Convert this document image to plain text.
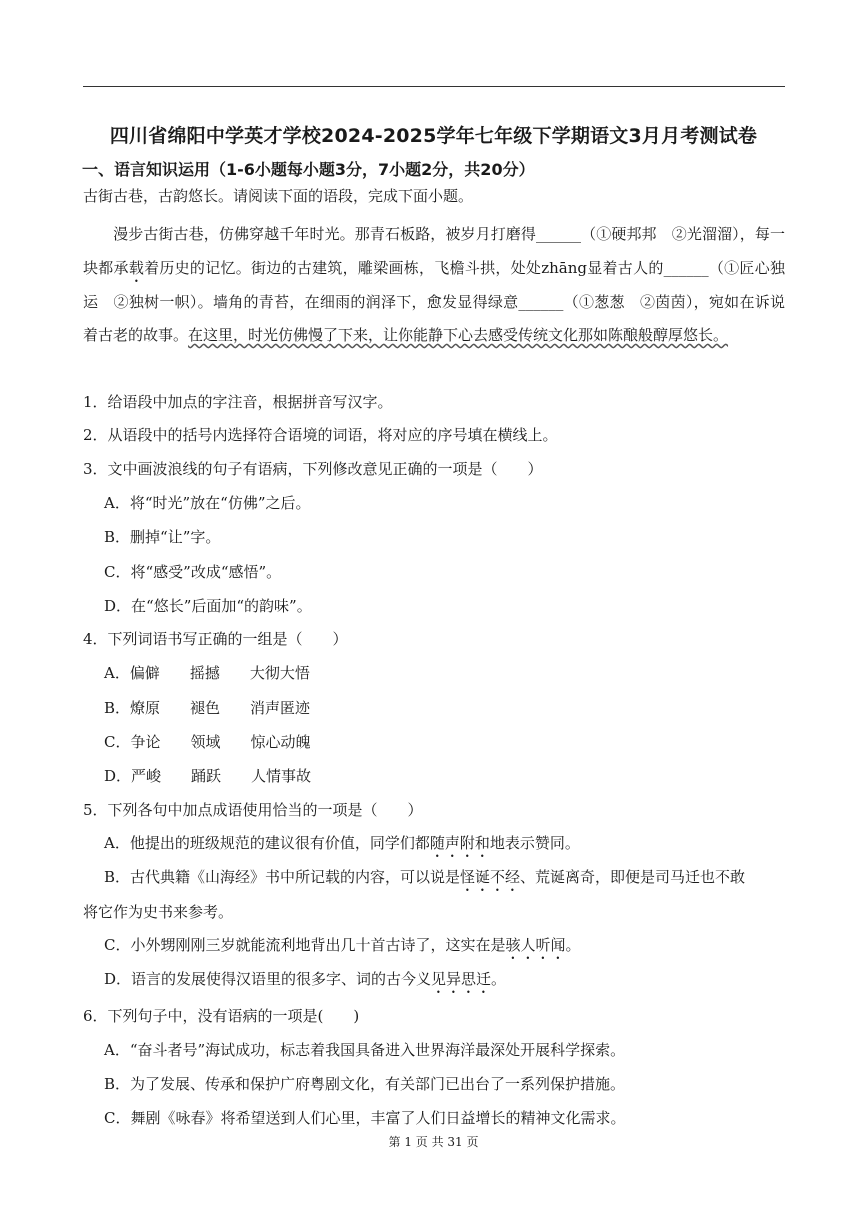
四川省绵阳中学英才学校2024-2025学年七年级下学期语文3月月考测试卷
一、语言知识运用（1-6小题每小题3分，7小题2分，共20分）
古街古巷，古韵悠长。请阅读下面的语段，完成下面小题。
漫步古街古巷，仿佛穿越千年时光。那青石板路，被岁月打磨得______（①硬邦邦　②光溜溜），每一块都承载着历史的记忆。街边的古建筑，雕梁画栋，飞檐斗拱，处处zhāng显着古人的______（①匠心独运　②独树一帜）。墙角的青苔，在细雨的润泽下，愈发显得绿意______（①葱葱　②茵茵），宛如在诉说着古老的故事。在这里，时光仿佛慢了下来，让你能静下心去感受传统文化那如陈酿般醇厚悠长。
1．给语段中加点的字注音，根据拼音写汉字。
2．从语段中的括号内选择符合语境的词语，将对应的序号填在横线上。
3．文中画波浪线的句子有语病，下列修改意见正确的一项是（　　）
A．将“时光”放在“仿佛”之后。
B．删掉“让”字。
C．将“感受”改成“感悟”。
D．在“悠长”后面加“的韵味”。
4．下列词语书写正确的一组是（　　）
A．偏僻　　摇撼　　大彻大悟
B．燎原　　褪色　　消声匿迹
C．争论　　领域　　惊心动魄
D．严峻　　踊跃　　人情事故
5．下列各句中加点成语使用恰当的一项是（　　）
A．他提出的班级规范的建议很有价值，同学们都随声附和地表示赞同。
B．古代典籍《山海经》书中所记载的内容，可以说是怪诞不经、荒诞离奇，即便是司马迁也不敢
将它作为史书来参考。
C．小外甥刚刚三岁就能流利地背出几十首古诗了，这实在是骇人听闻。
D．语言的发展使得汉语里的很多字、词的古今义见异思迁。
6．下列句子中，没有语病的一项是(　　)
A．“奋斗者号”海试成功，标志着我国具备进入世界海洋最深处开展科学探索。
B．为了发展、传承和保护广府粤剧文化，有关部门已出台了一系列保护措施。
C．舞剧《咏春》将希望送到人们心里，丰富了人们日益增长的精神文化需求。
第 1 页 共 31 页
